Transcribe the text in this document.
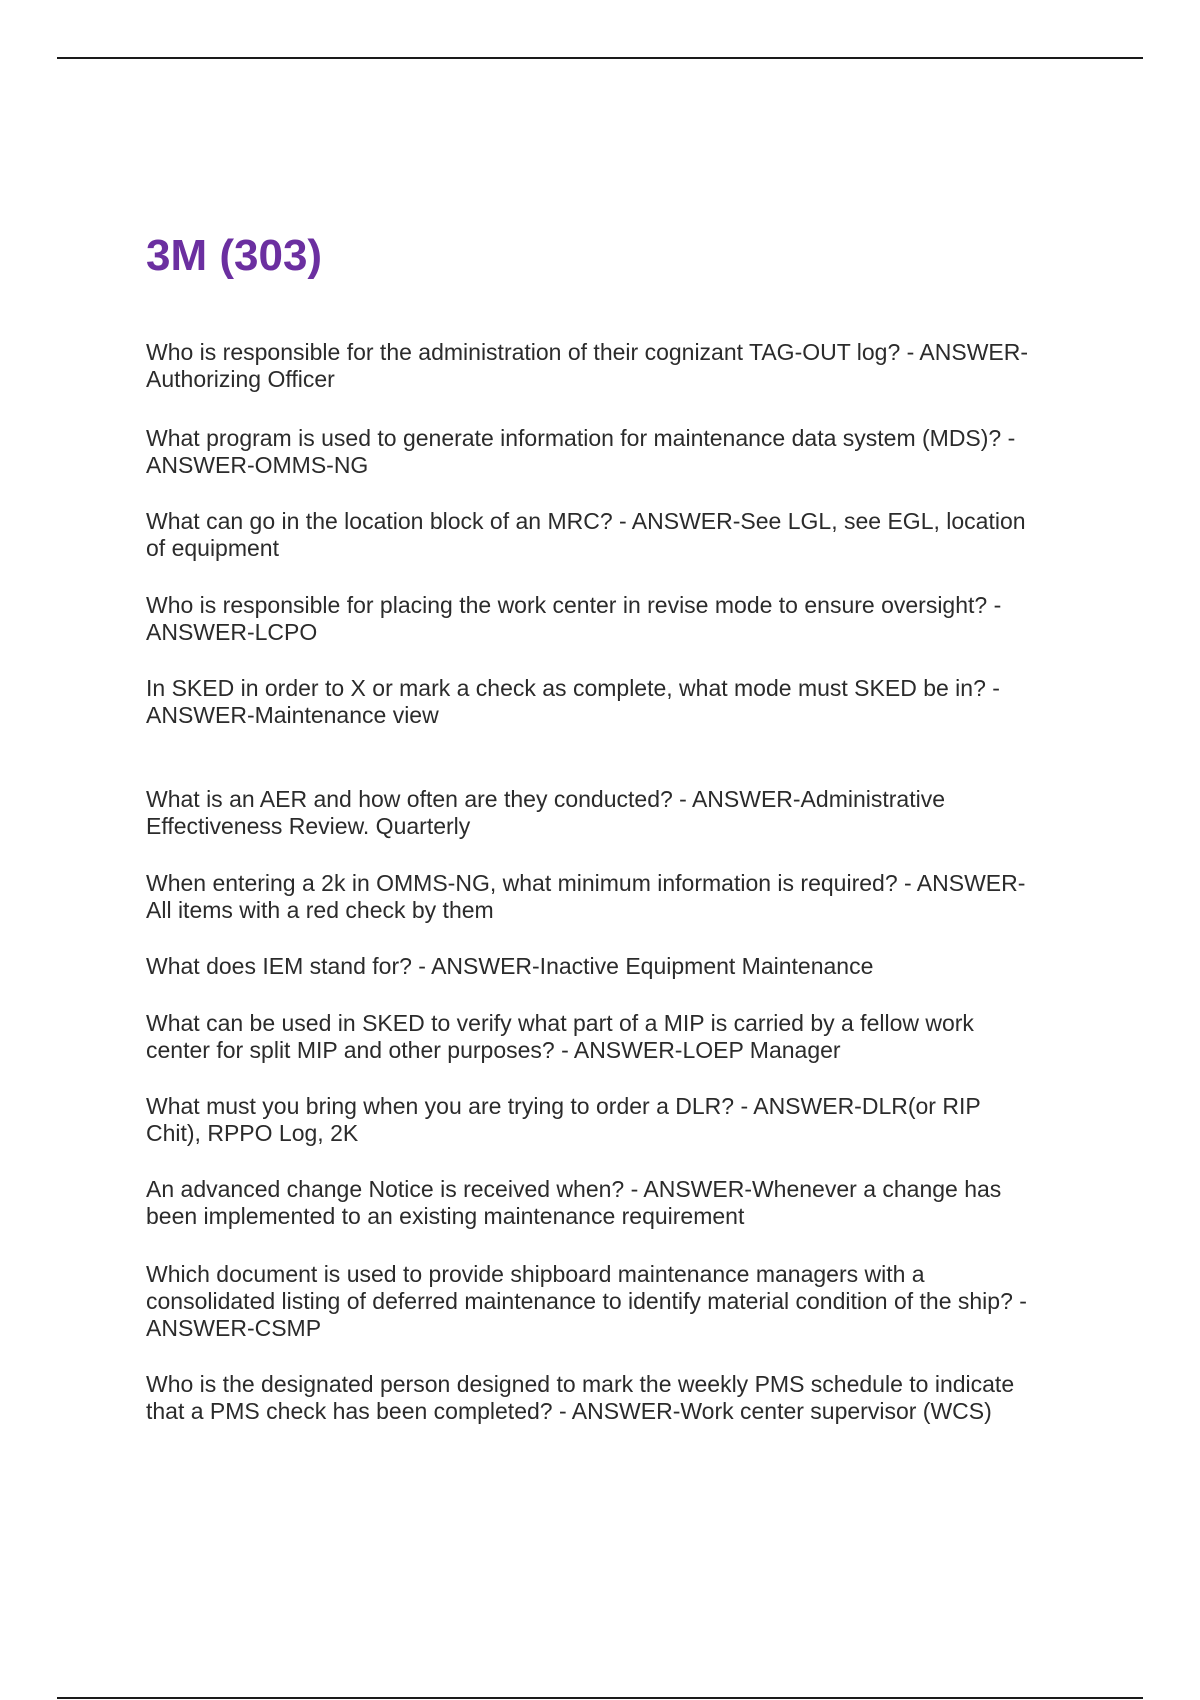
3M (303)

Who is responsible for the administration of their cognizant TAG-OUT log? - ANSWER-
Authorizing Officer

What program is used to generate information for maintenance data system (MDS)? -
ANSWER-OMMS-NG

What can go in the location block of an MRC? - ANSWER-See LGL, see EGL, location
of equipment

Who is responsible for placing the work center in revise mode to ensure oversight? -
ANSWER-LCPO

In SKED in order to X or mark a check as complete, what mode must SKED be in? -
ANSWER-Maintenance view

What is an AER and how often are they conducted? - ANSWER-Administrative
Effectiveness Review. Quarterly

When entering a 2k in OMMS-NG, what minimum information is required? - ANSWER-
All items with a red check by them

What does IEM stand for? - ANSWER-Inactive Equipment Maintenance

What can be used in SKED to verify what part of a MIP is carried by a fellow work
center for split MIP and other purposes? - ANSWER-LOEP Manager

What must you bring when you are trying to order a DLR? - ANSWER-DLR(or RIP
Chit), RPPO Log, 2K

An advanced change Notice is received when? - ANSWER-Whenever a change has
been implemented to an existing maintenance requirement

Which document is used to provide shipboard maintenance managers with a
consolidated listing of deferred maintenance to identify material condition of the ship? -
ANSWER-CSMP

Who is the designated person designed to mark the weekly PMS schedule to indicate
that a PMS check has been completed? - ANSWER-Work center supervisor (WCS)
